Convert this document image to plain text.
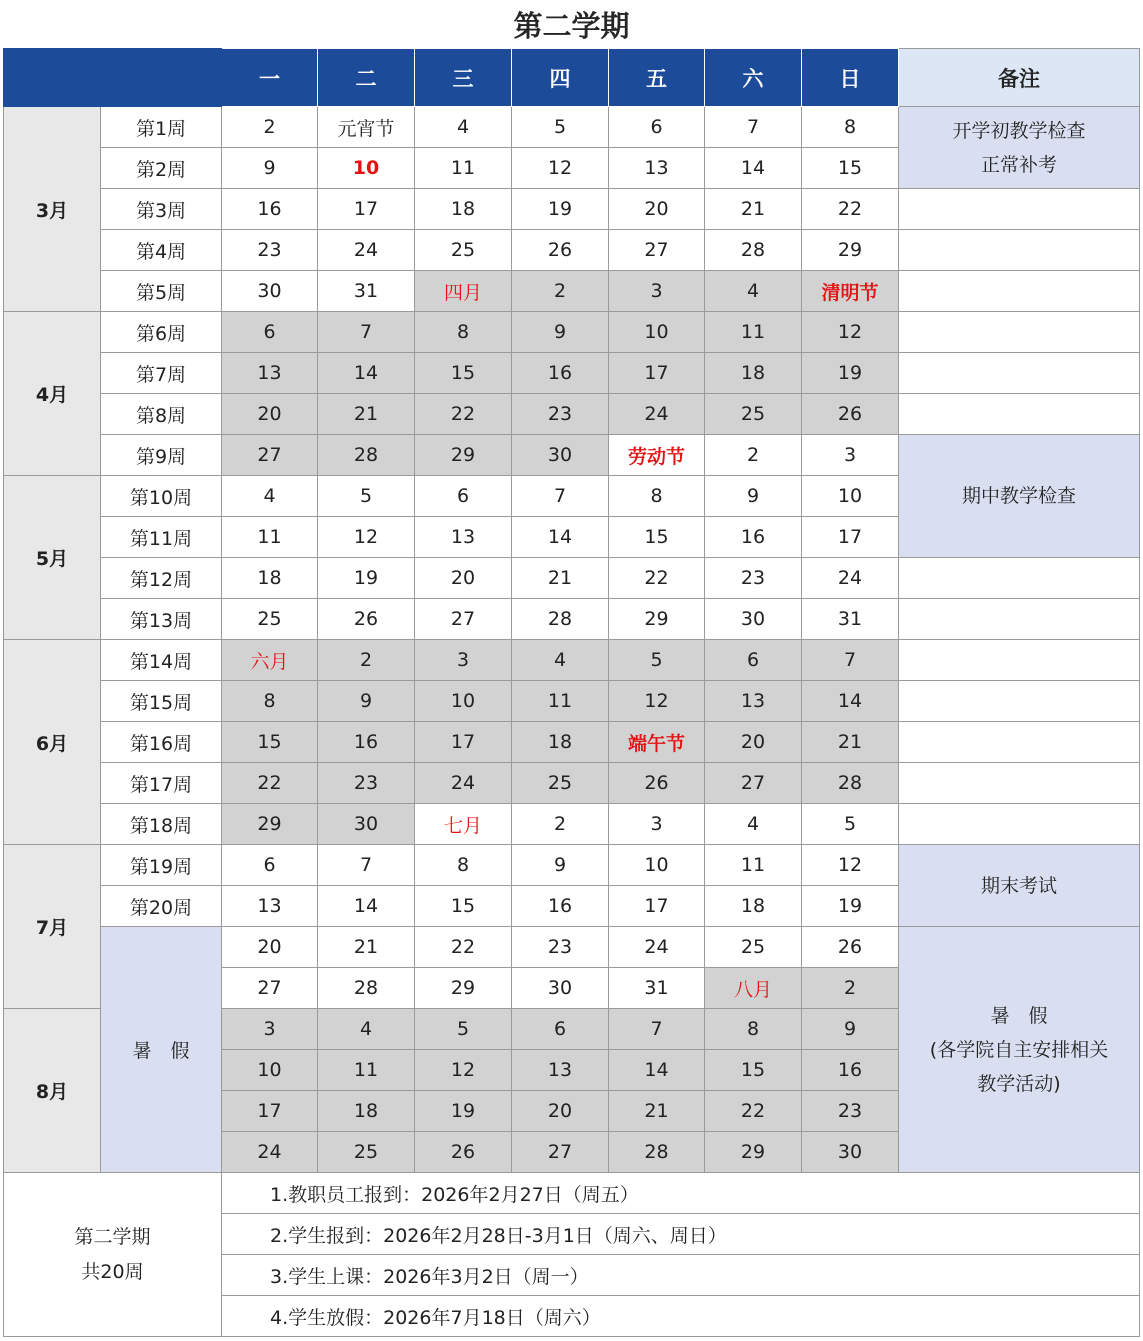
第二学期
		一	二	三	四	五	六	日	备注
3月	第1周	2	元宵节	4	5	6	7	8	开学初教学检查
正常补考

	第2周	9	10	11	12	13	14	15	
	第3周	16	17	18	19	20	21	22	
	第4周	23	24	25	26	27	28	29	
	第5周	30	31	四月	2	3	4	清明节	
4月	第6周	6	7	8	9	10	11	12	
	第7周	13	14	15	16	17	18	19	
	第8周	20	21	22	23	24	25	26	
	第9周	27	28	29	30	劳动节	2	3	期中教学检查

5月	第10周	4	5	6	7	8	9	10	
	第11周	11	12	13	14	15	16	17	
	第12周	18	19	20	21	22	23	24	
	第13周	25	26	27	28	29	30	31	
6月	第14周	六月	2	3	4	5	6	7	
	第15周	8	9	10	11	12	13	14	
	第16周	15	16	17	18	端午节	20	21	
	第17周	22	23	24	25	26	27	28	
	第18周	29	30	七月	2	3	4	5	
7月	第19周	6	7	8	9	10	11	12	期末考试

	第20周	13	14	15	16	17	18	19	
	暑　假	20	21	22	23	24	25	26	暑　假
(各学院自主安排相关
教学活动)

		27	28	29	30	31	八月	2	
8月		3	4	5	6	7	8	9	
		10	11	12	13	14	15	16	
		17	18	19	20	21	22	23	
		24	25	26	27	28	29	30	

第二学期
共20周		1.教职员工报到：2026年2月27日（周五）							
		2.学生报到：2026年2月28日-3月1日（周六、周日）							
		3.学生上课：2026年3月2日（周一）							
		4.学生放假：2026年7月18日（周六）							
